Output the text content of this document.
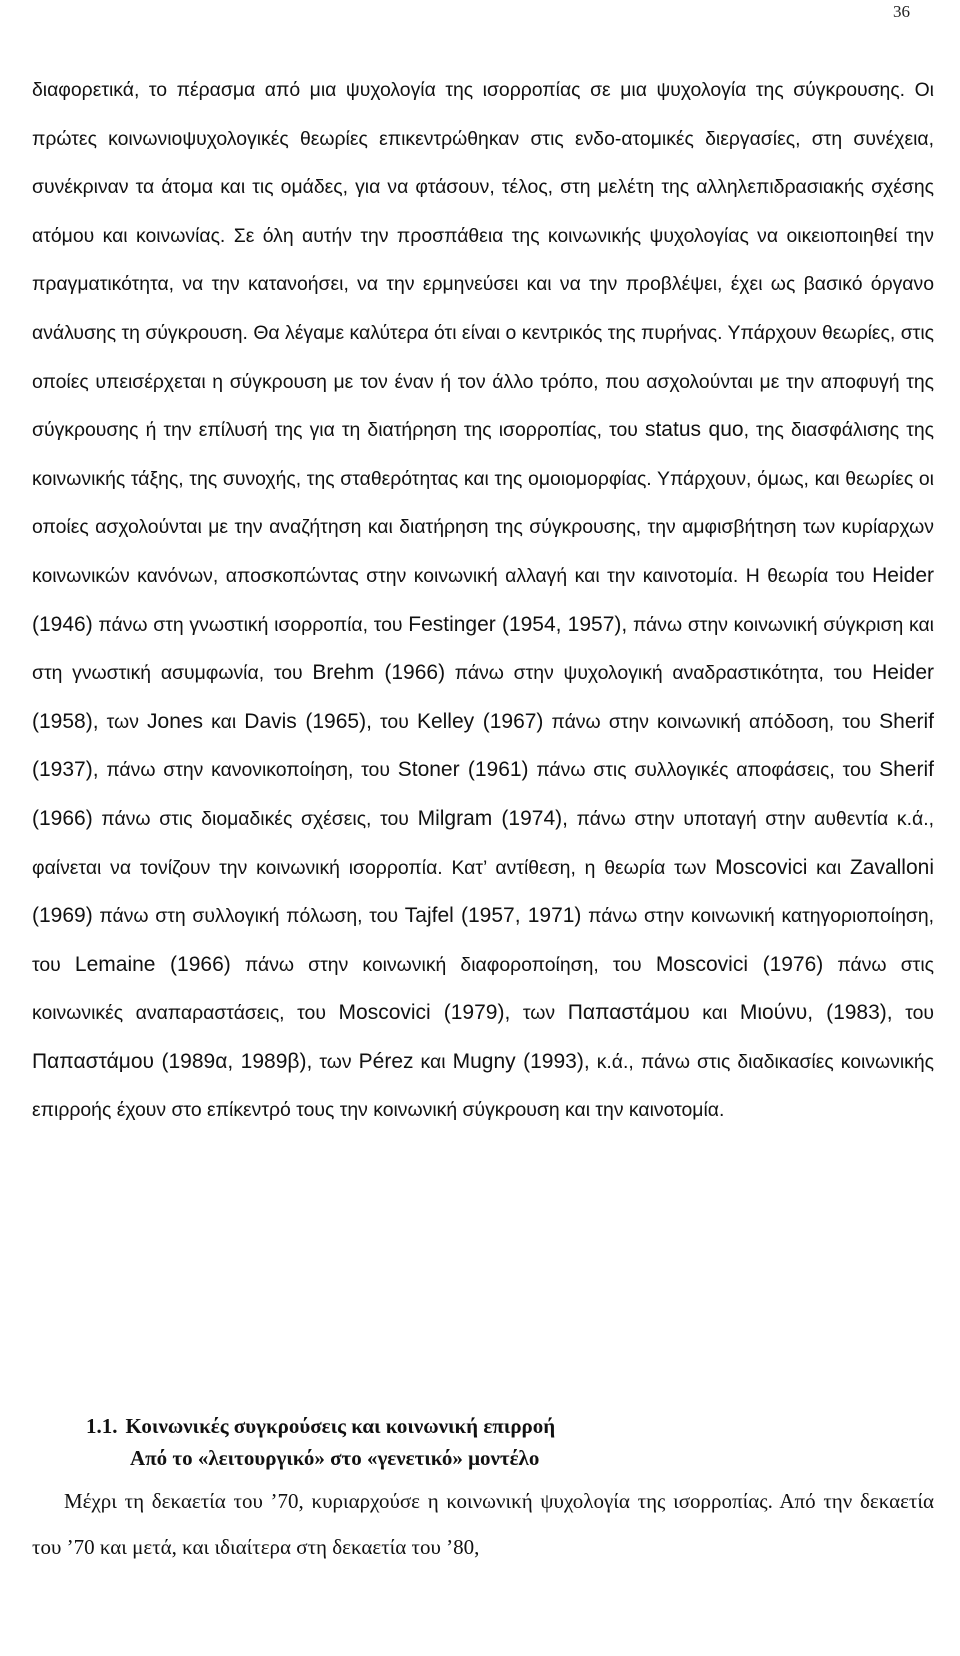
36

διαφορετικά, το πέρασμα από μια ψυχολογία της ισορροπίας σε μια ψυχολογία της σύγκρουσης. Οι πρώτες κοινωνιοψυχολογικές θεωρίες επικεντρώθηκαν στις ενδο-ατομικές διεργασίες, στη συνέχεια, συνέκριναν τα άτομα και τις ομάδες, για να φτάσουν, τέλος, στη μελέτη της αλληλεπιδρασιακής σχέσης ατόμου και κοινωνίας. Σε όλη αυτήν την προσπάθεια της κοινωνικής ψυχολογίας να οικειοποιηθεί την πραγματικότητα, να την κατανοήσει, να την ερμηνεύσει και να την προβλέψει, έχει ως βασικό όργανο ανάλυσης τη σύγκρουση. Θα λέγαμε καλύτερα ότι είναι ο κεντρικός της πυρήνας. Υπάρχουν θεωρίες, στις οποίες υπεισέρχεται η σύγκρουση με τον έναν ή τον άλλο τρόπο, που ασχολούνται με την αποφυγή της σύγκρουσης ή την επίλυσή της για τη διατήρηση της ισορροπίας, του status quo, της διασφάλισης της κοινωνικής τάξης, της συνοχής, της σταθερότητας και της ομοιομορφίας. Υπάρχουν, όμως, και θεωρίες οι οποίες ασχολούνται με την αναζήτηση και διατήρηση της σύγκρουσης, την αμφισβήτηση των κυρίαρχων κοινωνικών κανόνων, αποσκοπώντας στην κοινωνική αλλαγή και την καινοτομία. Η θεωρία του Heider (1946) πάνω στη γνωστική ισορροπία, του Festinger (1954, 1957), πάνω στην κοινωνική σύγκριση και στη γνωστική ασυμφωνία, του Brehm (1966) πάνω στην ψυχολογική αναδραστικότητα, του Heider (1958), των Jones και Davis (1965), του Kelley (1967) πάνω στην κοινωνική απόδοση, του Sherif (1937), πάνω στην κανονικοποίηση, του Stoner (1961) πάνω στις συλλογικές αποφάσεις, του Sherif (1966) πάνω στις διομαδικές σχέσεις, του Milgram (1974), πάνω στην υποταγή στην αυθεντία κ.ά., φαίνεται να τονίζουν την κοινωνική ισορροπία. Κατ’ αντίθεση, η θεωρία των Moscovici και Zavalloni (1969) πάνω στη συλλογική πόλωση, του Tajfel (1957, 1971) πάνω στην κοινωνική κατηγοριοποίηση, του Lemaine (1966) πάνω στην κοινωνική διαφοροποίηση, του Moscovici (1976) πάνω στις κοινωνικές αναπαραστάσεις, του Moscovici (1979), των Παπαστάμου και Μιούνυ, (1983), του Παπαστάμου (1989α, 1989β), των Pérez και Mugny (1993), κ.ά., πάνω στις διαδικασίες κοινωνικής επιρροής έχουν στο επίκεντρό τους την κοινωνική σύγκρουση και την καινοτομία.

1.1. Κοινωνικές συγκρούσεις και κοινωνική επιρροή
Από το «λειτουργικό» στο «γενετικό» μοντέλο

Μέχρι τη δεκαετία του ’70, κυριαρχούσε η κοινωνική ψυχολογία της ισορροπίας. Από την δεκαετία του ’70 και μετά, και ιδιαίτερα στη δεκαετία του ’80,
